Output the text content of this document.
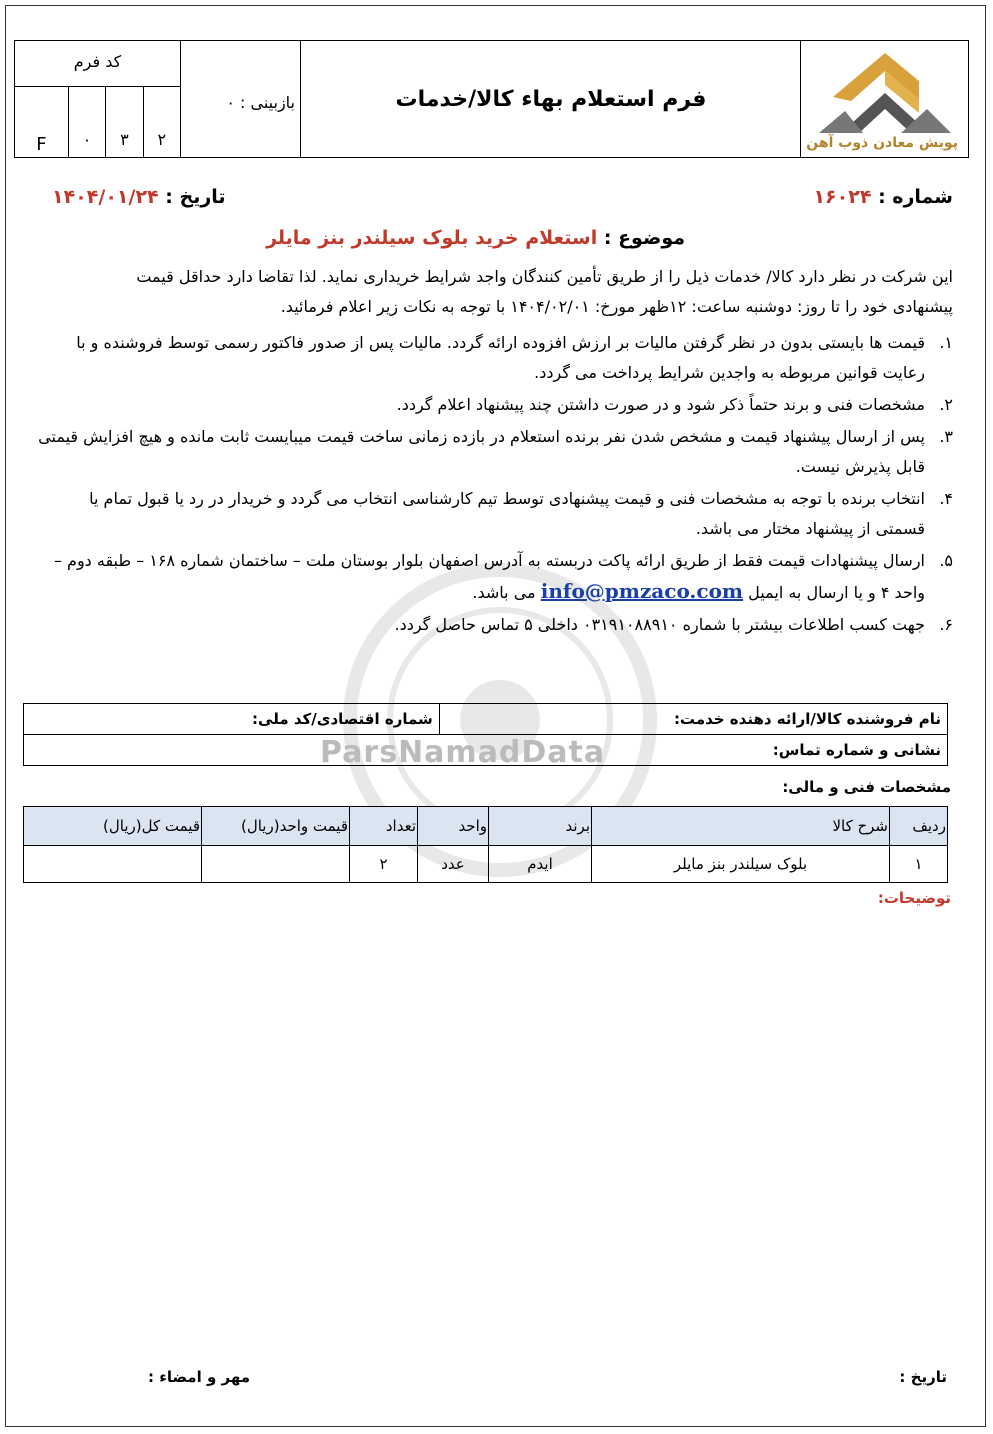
ParsNamadData
پویش معادن ذوب آهن
فرم استعلام بهاء کالا/خدمات
بازبینی : ۰
کد فرم
F	۰	۳	۲
شماره : ۱۶۰۲۴
تاریخ : ۱۴۰۴/۰۱/۲۴
موضوع : استعلام خرید بلوک سیلندر بنز مایلر
این شرکت در نظر دارد کالا/ خدمات ذیل را از طریق تأمین کنندگان واجد شرایط خریداری نماید. لذا تقاضا دارد حداقل قیمت
پیشنهادی خود را تا روز: دوشنبه ساعت: ۱۲ظهر مورخ: ۱۴۰۴/۰۲/۰۱ با توجه به نکات زیر اعلام فرمائید.
۱.
قیمت ها بایستی بدون در نظر گرفتن مالیات بر ارزش افزوده ارائه گردد. مالیات پس از صدور فاکتور رسمی توسط فروشنده و با رعایت قوانین مربوطه به واجدین شرایط پرداخت می گردد.
۲.
مشخصات فنی و برند حتماً ذکر شود و در صورت داشتن چند پیشنهاد اعلام گردد.
۳.
پس از ارسال پیشنهاد قیمت و مشخص شدن نفر برنده استعلام در بازده زمانی ساخت قیمت میبایست ثابت مانده و هیچ افزایش قیمتی قابل پذیرش نیست.
۴.
انتخاب برنده با توجه به مشخصات فنی و قیمت پیشنهادی توسط تیم کارشناسی انتخاب می گردد و خریدار در رد یا قبول تمام یا قسمتی از پیشنهاد مختار می باشد.
۵.
ارسال پیشنهادات قیمت فقط از طریق ارائه پاکت دربسته به آدرس اصفهان بلوار بوستان ملت – ساختمان شماره ۱۶۸ – طبقه دوم – واحد ۴ و یا ارسال به ایمیل info@pmzaco.com می باشد.
۶.
جهت کسب اطلاعات بیشتر با شماره ۰۳۱۹۱۰۸۸۹۱۰ داخلی ۵ تماس حاصل گردد.
نام فروشنده کالا/ارائه دهنده خدمت:	شماره اقتصادی/کد ملی:
نشانی و شماره تماس:
مشخصات فنی و مالی:
ردیف	شرح کالا	برند	واحد	تعداد	قیمت واحد(ریال)	قیمت کل(ریال)
۱	بلوک سیلندر بنز مایلر	ایدم	عدد	۲		
توضیحات:
تاریخ :
مهر و امضاء :
